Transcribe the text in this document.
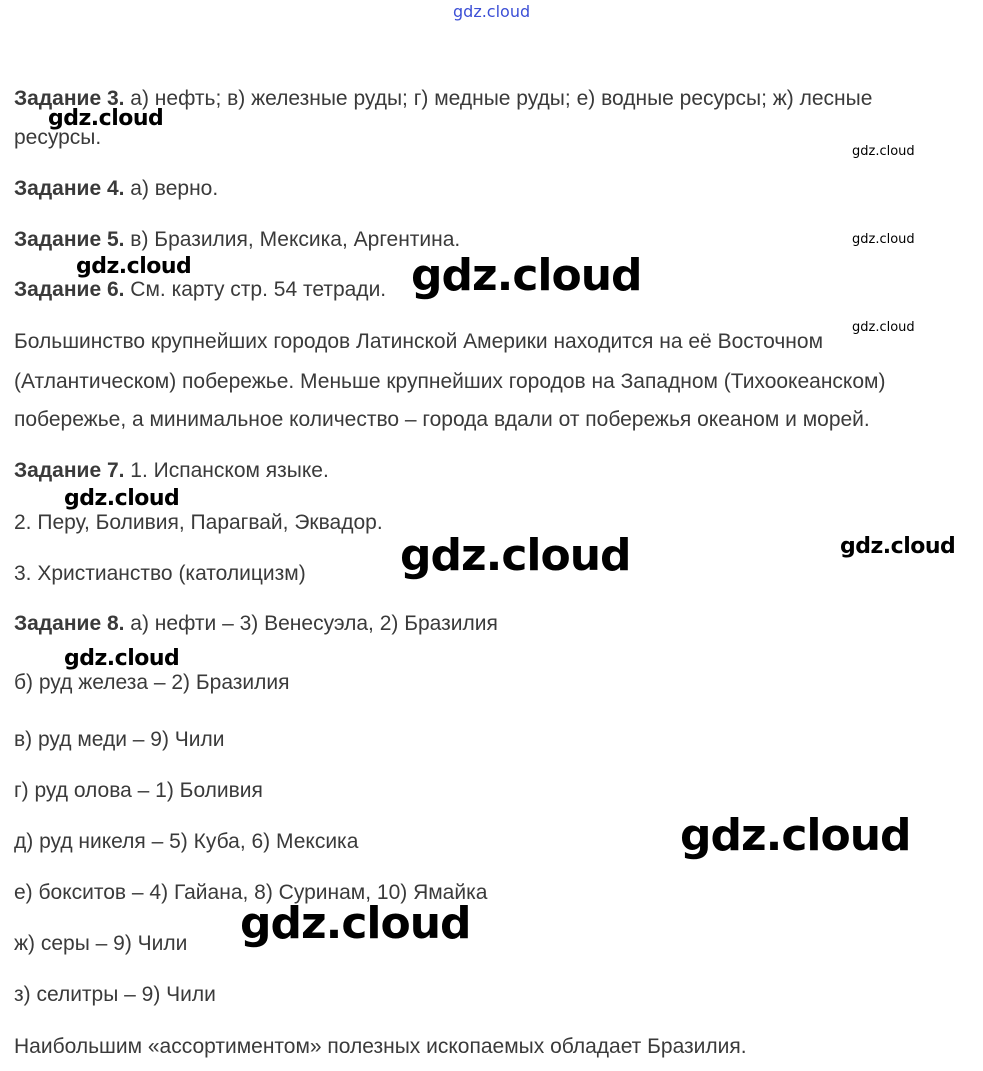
gdz.cloud
Задание 3. а) нефть; в) железные руды; г) медные руды; е) водные ресурсы; ж) лесные
ресурсы.
Задание 4. а) верно.
Задание 5. в) Бразилия, Мексика, Аргентина.
Задание 6. См. карту стр. 54 тетради.
Большинство крупнейших городов Латинской Америки находится на её Восточном
(Атлантическом) побережье. Меньше крупнейших городов на Западном (Тихоокеанском)
побережье, а минимальное количество – города вдали от побережья океаном и морей.
Задание 7. 1. Испанском языке.
2. Перу, Боливия, Парагвай, Эквадор.
3. Христианство (католицизм)
Задание 8. а) нефти – 3) Венесуэла, 2) Бразилия
б) руд железа – 2) Бразилия
в) руд меди – 9) Чили
г) руд олова – 1) Боливия
д) руд никеля – 5) Куба, 6) Мексика
е) бокситов – 4) Гайана, 8) Суринам, 10) Ямайка
ж) серы – 9) Чили
з) селитры – 9) Чили
Наибольшим «ассортиментом» полезных ископаемых обладает Бразилия.
gdz.cloud
gdz.cloud
gdz.cloud
gdz.cloud	gdz.cloud
gdz.cloud
gdz.cloud
gdz.cloud	gdz.cloud
gdz.cloud
gdz.cloud
gdz.cloud
